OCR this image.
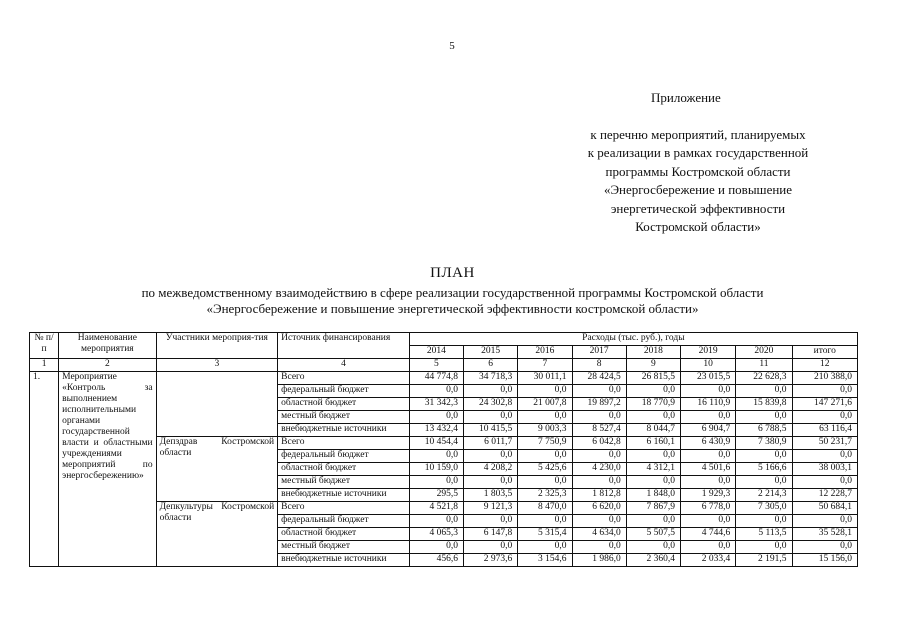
5
Приложение
к перечню мероприятий, планируемых
к реализации в рамках государственной
программы Костромской области
«Энергосбережение и повышение
энергетической эффективности
Костромской области»
ПЛАН
по межведомственному взаимодействию в сфере реализации государственной программы Костромской области
«Энергосбережение и повышение энергетической эффективности костромской области»
№ п/п	Наименование мероприятия	Участники мероприя-тия	Источник финансирования	Расходы (тыс. руб.), годы							
				2014	2015	2016	2017	2018	2019	2020	итого
1	2	3	4	5	6	7	8	9	10	11	12
1.	Мероприятие «Контроль за выполнением исполнительными органами государственной власти и областными учреждениями мероприятий по энергосбережению»		Всего	44 774,8	34 718,3	30 011,1	28 424,5	26 815,5	23 015,5	22 628,3	210 388,0
			федеральный бюджет	0,0	0,0	0,0	0,0	0,0	0,0	0,0	0,0
			областной бюджет	31 342,3	24 302,8	21 007,8	19 897,2	18 770,9	16 110,9	15 839,8	147 271,6
			местный бюджет	0,0	0,0	0,0	0,0	0,0	0,0	0,0	0,0
			внебюджетные источники	13 432,4	10 415,5	9 003,3	8 527,4	8 044,7	6 904,7	6 788,5	63 116,4
		Депздрав Костромской области	Всего	10 454,4	6 011,7	7 750,9	6 042,8	6 160,1	6 430,9	7 380,9	50 231,7
			федеральный бюджет	0,0	0,0	0,0	0,0	0,0	0,0	0,0	0,0
			областной бюджет	10 159,0	4 208,2	5 425,6	4 230,0	4 312,1	4 501,6	5 166,6	38 003,1
			местный бюджет	0,0	0,0	0,0	0,0	0,0	0,0	0,0	0,0
			внебюджетные источники	295,5	1 803,5	2 325,3	1 812,8	1 848,0	1 929,3	2 214,3	12 228,7
		Депкультуры Костромской области	Всего	4 521,8	9 121,3	8 470,0	6 620,0	7 867,9	6 778,0	7 305,0	50 684,1
			федеральный бюджет	0,0	0,0	0,0	0,0	0,0	0,0	0,0	0,0
			областной бюджет	4 065,3	6 147,8	5 315,4	4 634,0	5 507,5	4 744,6	5 113,5	35 528,1
			местный бюджет	0,0	0,0	0,0	0,0	0,0	0,0	0,0	0,0
			внебюджетные источники	456,6	2 973,6	3 154,6	1 986,0	2 360,4	2 033,4	2 191,5	15 156,0
